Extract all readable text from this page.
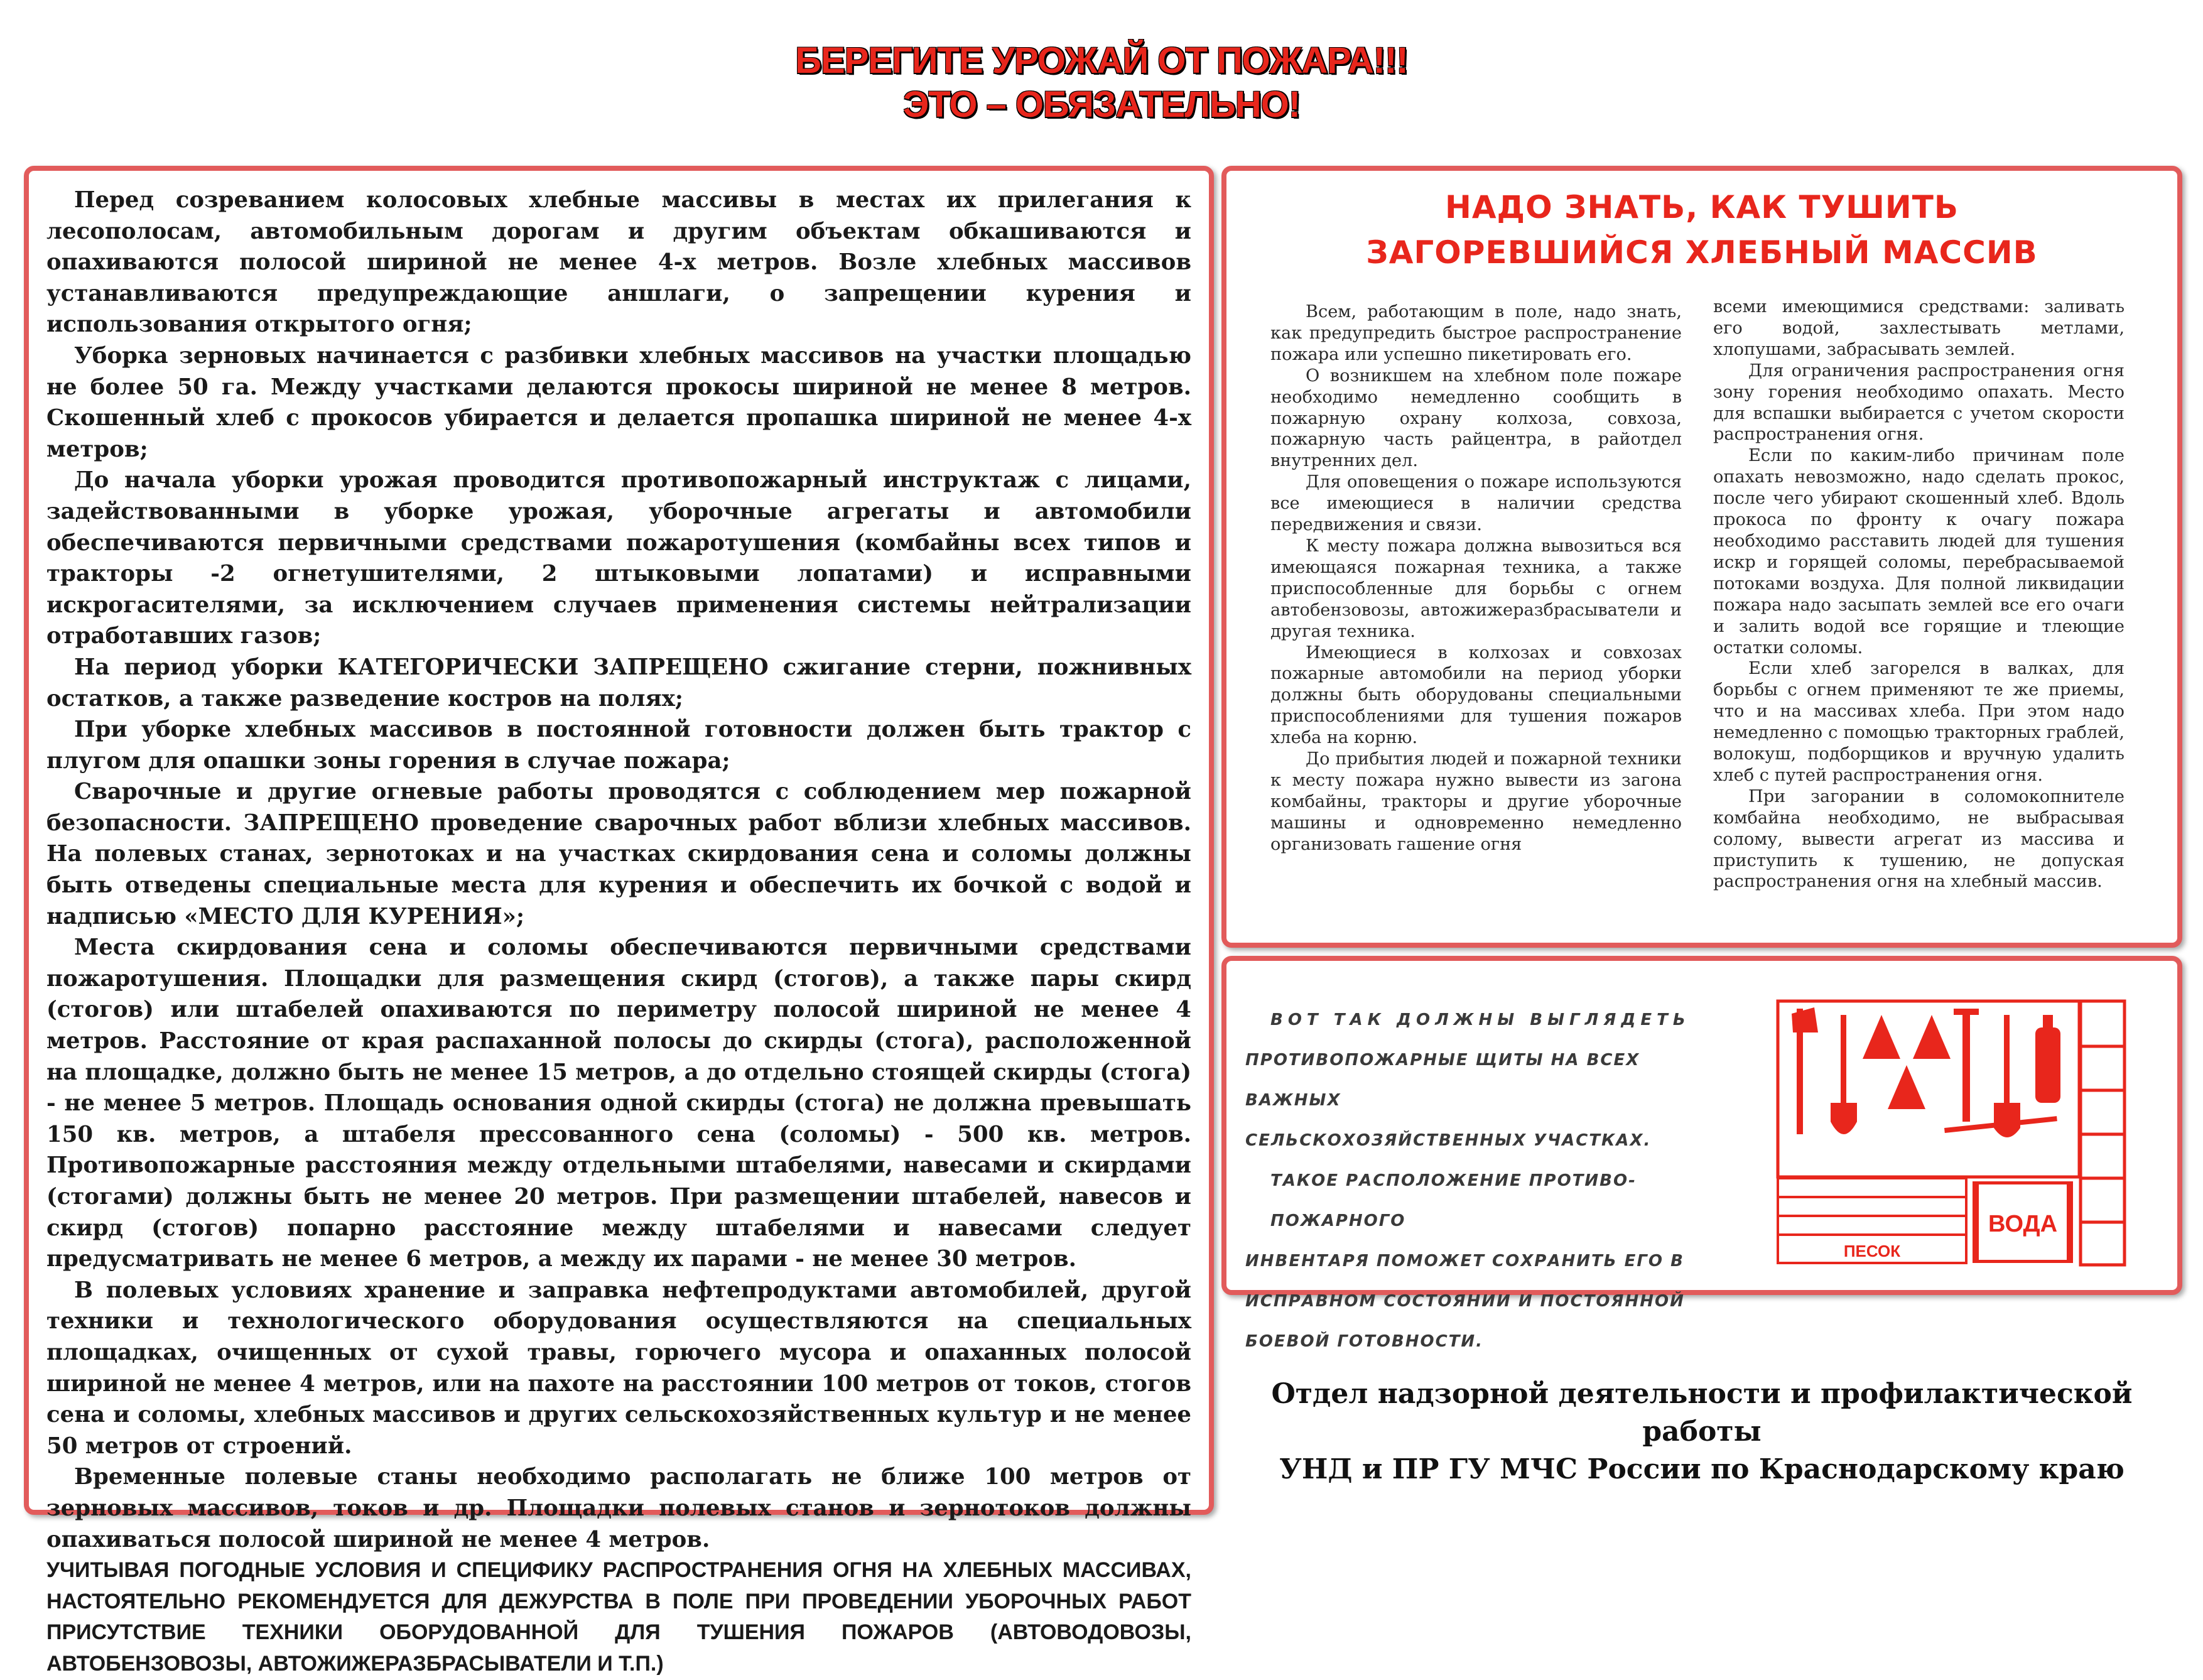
БЕРЕГИТЕ УРОЖАЙ ОТ ПОЖАРА!!!
ЭТО – ОБЯЗАТЕЛЬНО!

Перед созреванием колосовых хлебные массивы в местах их прилегания к лесополосам, автомобильным дорогам и другим объектам обкашиваются и опахиваются полосой шириной не менее 4-х метров. Возле хлебных массивов устанавливаются предупреждающие аншлаги, о запрещении курения и использования открытого огня;

Уборка зерновых начинается с разбивки хлебных массивов на участки площадью не более 50 га. Между участками делаются прокосы шириной не менее 8 метров. Скошенный хлеб с прокосов убирается и делается пропашка шириной не менее 4-х метров;

До начала уборки урожая проводится противопожарный инструктаж с лицами, задействованными в уборке урожая, уборочные агрегаты и автомобили обеспечиваются первичными средствами пожаротушения (комбайны всех типов и тракторы -2 огнетушителями, 2 штыковыми лопатами) и исправными искрогасителями, за исключением случаев применения системы нейтрализации отработавших газов;

На период уборки КАТЕГОРИЧЕСКИ ЗАПРЕЩЕНО сжигание стерни, пожнивных остатков, а также разведение костров на полях;

При уборке хлебных массивов в постоянной готовности должен быть трактор с плугом для опашки зоны горения в случае пожара;

Сварочные и другие огневые работы проводятся с соблюдением мер пожарной безопасности. ЗАПРЕЩЕНО проведение сварочных работ вблизи хлебных массивов. На полевых станах, зернотоках и на участках скирдования сена и соломы должны быть отведены специальные места для курения и обеспечить их бочкой с водой и надписью «МЕСТО ДЛЯ КУРЕНИЯ»;

Места скирдования сена и соломы обеспечиваются первичными средствами пожаротушения. Площадки для размещения скирд (стогов), а также пары скирд (стогов) или штабелей опахиваются по периметру полосой шириной не менее 4 метров. Расстояние от края распаханной полосы до скирды (стога), расположенной на площадке, должно быть не менее 15 метров, а до отдельно стоящей скирды (стога) - не менее 5 метров. Площадь основания одной скирды (стога) не должна превышать 150 кв. метров, а штабеля прессованного сена (соломы) - 500 кв. метров. Противопожарные расстояния между отдельными штабелями, навесами и скирдами (стогами) должны быть не менее 20 метров. При размещении штабелей, навесов и скирд (стогов) попарно расстояние между штабелями и навесами следует предусматривать не менее 6 метров, а между их парами - не менее 30 метров.

В полевых условиях хранение и заправка нефтепродуктами автомобилей, другой техники и технологического оборудования осуществляются на специальных площадках, очищенных от сухой травы, горючего мусора и опаханных полосой шириной не менее 4 метров, или на пахоте на расстоянии 100 метров от токов, стогов сена и соломы, хлебных массивов и других сельскохозяйственных культур и не менее 50 метров от строений.

Временные полевые станы необходимо располагать не ближе 100 метров от зерновых массивов, токов и др. Площадки полевых станов и зернотоков должны опахиваться полосой шириной не менее 4 метров.

УЧИТЫВАЯ ПОГОДНЫЕ УСЛОВИЯ И СПЕЦИФИКУ РАСПРОСТРАНЕНИЯ ОГНЯ НА ХЛЕБНЫХ МАССИВАХ, НАСТОЯТЕЛЬНО РЕКОМЕНДУЕТСЯ ДЛЯ ДЕЖУРСТВА В ПОЛЕ ПРИ ПРОВЕДЕНИИ УБОРОЧНЫХ РАБОТ ПРИСУТСТВИЕ ТЕХНИКИ ОБОРУДОВАННОЙ ДЛЯ ТУШЕНИЯ ПОЖАРОВ (АВТОВОДОВОЗЫ, АВТОБЕНЗОВОЗЫ, АВТОЖИЖЕРАЗБРАСЫВАТЕЛИ И Т.П.)

НАДО ЗНАТЬ, КАК ТУШИТЬ
ЗАГОРЕВШИЙСЯ ХЛЕБНЫЙ МАССИВ

Всем, работающим в поле, надо знать, как предупредить быстрое распространение пожара или успешно пикетировать его.

О возникшем на хлебном поле пожаре необходимо немедленно сообщить в пожарную охрану колхоза, совхоза, пожарную часть райцентра, в райотдел внутренних дел.

Для оповещения о пожаре используются все имеющиеся в наличии средства передвижения и связи.

К месту пожара должна вывозиться вся имеющаяся пожарная техника, а также приспособленные для борьбы с огнем автобензовозы, автожижеразбрасыватели и другая техника.

Имеющиеся в колхозах и совхозах пожарные автомобили на период уборки должны быть оборудованы специальными приспособлениями для тушения пожаров хлеба на корню.

До прибытия людей и пожарной техники к месту пожара нужно вывести из загона комбайны, тракторы и другие уборочные машины и одновременно немедленно организовать гашение огня

всеми имеющимися средствами: заливать его водой, захлестывать метлами, хлопушами, забрасывать землей.

Для ограничения распространения огня зону горения необходимо опахать. Место для вспашки выбирается с учетом скорости распространения огня.

Если по каким-либо причинам поле опахать невозможно, надо сделать прокос, после чего убирают скошенный хлеб. Вдоль прокоса по фронту к очагу пожара необходимо расставить людей для тушения искр и горящей соломы, перебрасываемой потоками воздуха. Для полной ликвидации пожара надо засыпать землей все его очаги и залить водой все горящие и тлеющие остатки соломы.

Если хлеб загорелся в валках, для борьбы с огнем применяют те же приемы, что и на массивах хлеба. При этом надо немедленно с помощью тракторных граблей, волокуш, подборщиков и вручную удалить хлеб с путей распространения огня.

При загорании в соломокопнителе комбайна необходимо, не выбрасывая солому, вывести агрегат из массива и приступить к тушению, не допуская распространения огня на хлебный массив.

ВОТ ТАК ДОЛЖНЫ ВЫГЛЯДЕТЬ

ПРОТИВОПОЖАРНЫЕ ЩИТЫ НА ВСЕХ ВАЖНЫХ

СЕЛЬСКОХОЗЯЙСТВЕННЫХ УЧАСТКАХ.

ТАКОЕ РАСПОЛОЖЕНИЕ ПРОТИВО-ПОЖАРНОГО

ИНВЕНТАРЯ ПОМОЖЕТ СОХРАНИТЬ ЕГО В

ИСПРАВНОМ СОСТОЯНИИ И ПОСТОЯННОЙ

БОЕВОЙ ГОТОВНОСТИ.

ПЕСОК
ВОДА
Отдел надзорной деятельности и профилактической работы
УНД и ПР ГУ МЧС России по Краснодарскому краю
